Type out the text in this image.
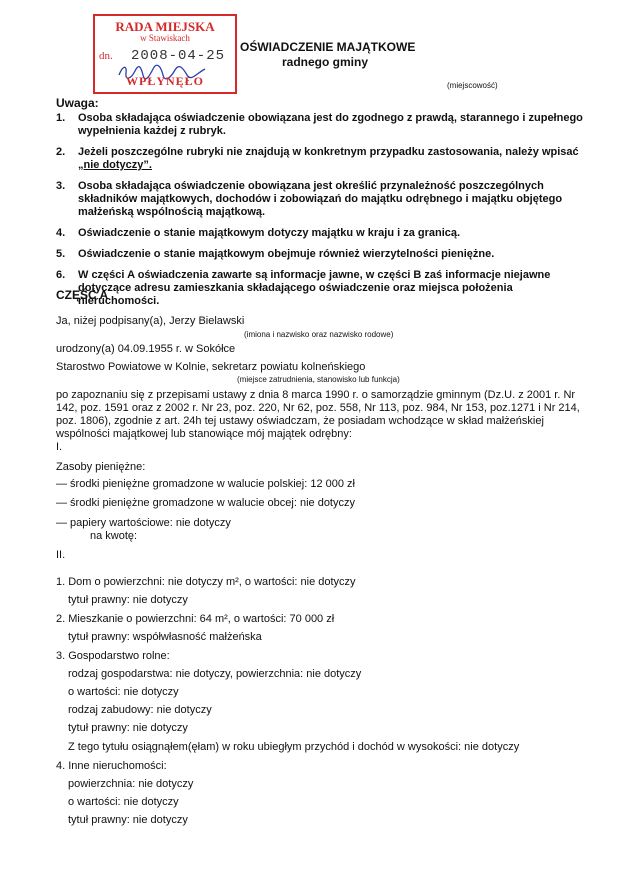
RADA MIEJSKA
w Stawiskach
dn. 2008-04-25
WPŁYNĘŁO
OŚWIADCZENIE MAJĄTKOWE
radnego gminy
(miejscowość)
Uwaga:
1. Osoba składająca oświadczenie obowiązana jest do zgodnego z prawdą, starannego i zupełnego wypełnienia każdej z rubryk.
2. Jeżeli poszczególne rubryki nie znajdują w konkretnym przypadku zastosowania, należy wpisać „nie dotyczy”.
3. Osoba składająca oświadczenie obowiązana jest określić przynależność poszczególnych składników majątkowych, dochodów i zobowiązań do majątku odrębnego i majątku objętego małżeńską wspólnością majątkową.
4. Oświadczenie o stanie majątkowym dotyczy majątku w kraju i za granicą.
5. Oświadczenie o stanie majątkowym obejmuje również wierzytelności pieniężne.
6. W części A oświadczenia zawarte są informacje jawne, w części B zaś informacje niejawne dotyczące adresu zamieszkania składającego oświadczenie oraz miejsca położenia nieruchomości.
CZĘŚĆ A
Ja, niżej podpisany(a), Jerzy Bielawski
(imiona i nazwisko oraz nazwisko rodowe)
urodzony(a) 04.09.1955 r. w Sokółce
Starostwo Powiatowe w Kolnie, sekretarz powiatu kolneńskiego
(miejsce zatrudnienia, stanowisko lub funkcja)
po zapoznaniu się z przepisami ustawy z dnia 8 marca 1990 r. o samorządzie gminnym (Dz.U. z 2001 r. Nr 142, poz. 1591 oraz z 2002 r. Nr 23, poz. 220, Nr 62, poz. 558, Nr 113, poz. 984, Nr 153, poz.1271 i Nr 214, poz. 1806), zgodnie z art. 24h tej ustawy oświadczam, że posiadam wchodzące w skład małżeńskiej wspólności majątkowej lub stanowiące mój majątek odrębny:
I.
Zasoby pieniężne:
— środki pieniężne gromadzone w walucie polskiej: 12 000 zł
— środki pieniężne gromadzone w walucie obcej: nie dotyczy
— papiery wartościowe: nie dotyczy
na kwotę:
II.
1. Dom o powierzchni: nie dotyczy m², o wartości: nie dotyczy
tytuł prawny: nie dotyczy
2. Mieszkanie o powierzchni: 64 m², o wartości: 70 000 zł
tytuł prawny: współwłasność małżeńska
3. Gospodarstwo rolne:
rodzaj gospodarstwa: nie dotyczy, powierzchnia: nie dotyczy
o wartości: nie dotyczy
rodzaj zabudowy: nie dotyczy
tytuł prawny: nie dotyczy
Z tego tytułu osiągnąłem(ęłam) w roku ubiegłym przychód i dochód w wysokości: nie dotyczy
4. Inne nieruchomości:
powierzchnia: nie dotyczy
o wartości: nie dotyczy
tytuł prawny: nie dotyczy
